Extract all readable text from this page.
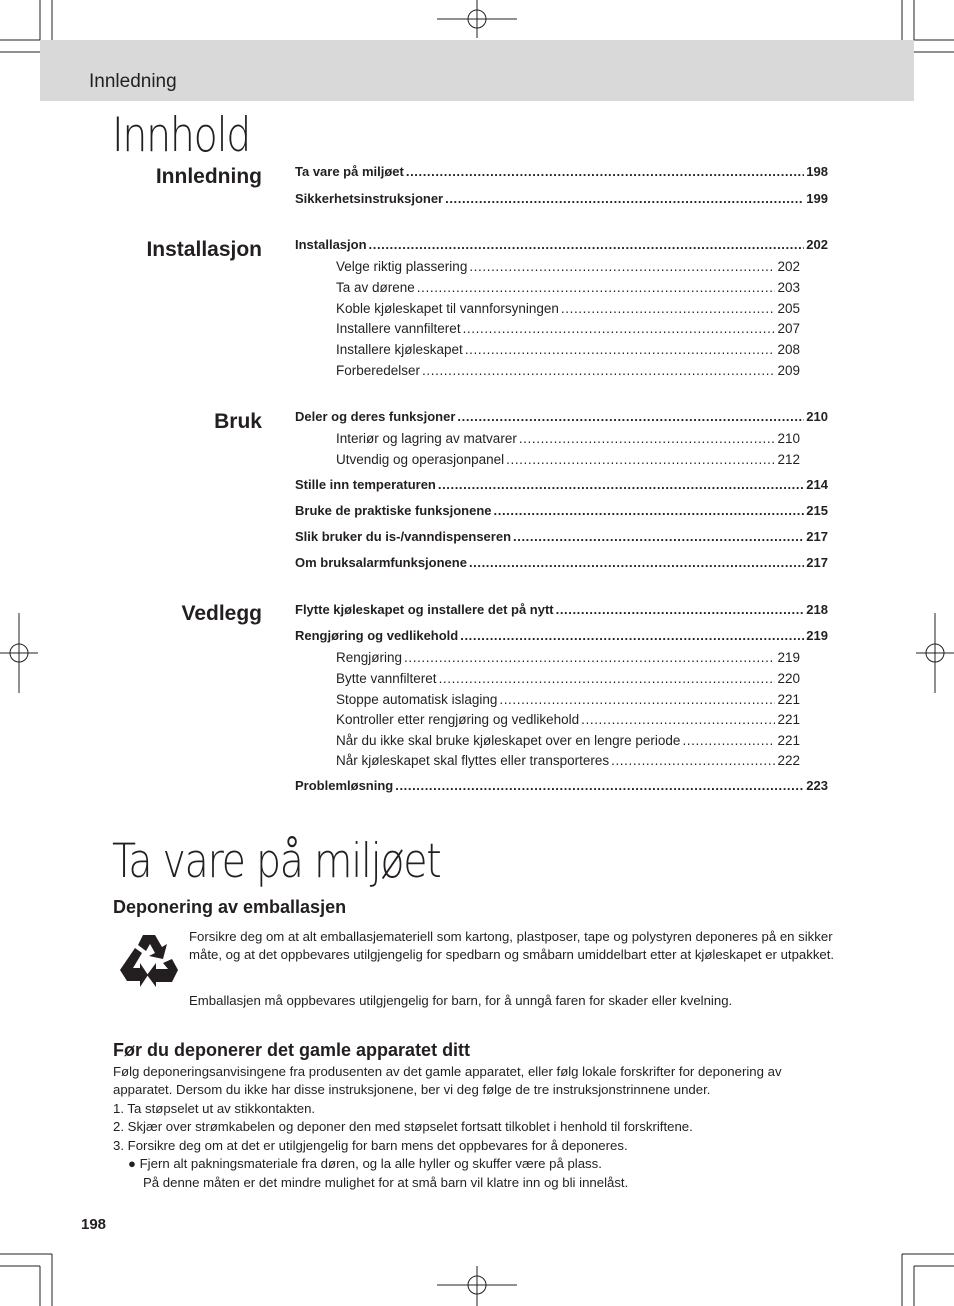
Innledning
Innhold
Innledning	Ta vare på miljøet .....	198
Sikkerhetsinstruksjoner .....	199
Installasjon	Installasjon .....	202
Velge riktig plassering .....	202
Ta av dørene .....	203
Koble kjøleskapet til vannforsyningen .....	205
Installere vannfilteret .....	207
Installere kjøleskapet .....	208
Forberedelser .....	209
Bruk	Deler og deres funksjoner .....	210
Interiør og lagring av matvarer .....	210
Utvendig og operasjonpanel .....	212
Stille inn temperaturen .....	214
Bruke de praktiske funksjonene .....	215
Slik bruker du is-/vanndispenseren .....	217
Om bruksalarmfunksjonene .....	217
Vedlegg	Flytte kjøleskapet og installere det på nytt .....	218
Rengjøring og vedlikehold .....	219
Rengjøring .....	219
Bytte vannfilteret .....	220
Stoppe automatisk islaging .....	221
Kontroller etter rengjøring og vedlikehold .....	221
Når du ikke skal bruke kjøleskapet over en lengre periode .....	221
Når kjøleskapet skal flyttes eller transporteres .....	222
Problemløsning .....	223
Ta vare på miljøet
Deponering av emballasjen
Forsikre deg om at alt emballasjemateriell som kartong, plastposer, tape og polystyren deponeres på en sikker måte, og at det oppbevares utilgjengelig for spedbarn og småbarn umiddelbart etter at kjøleskapet er utpakket.
Emballasjen må oppbevares utilgjengelig for barn, for å unngå faren for skader eller kvelning.
Før du deponerer det gamle apparatet ditt
Følg deponeringsanvisingene fra produsenten av det gamle apparatet, eller følg lokale forskrifter for deponering av apparatet. Dersom du ikke har disse instruksjonene, ber vi deg følge de tre instruksjonstrinnene under.
1. Ta støpselet ut av stikkontakten.
2. Skjær over strømkabelen og deponer den med støpselet fortsatt tilkoblet i henhold til forskriftene.
3. Forsikre deg om at det er utilgjengelig for barn mens det oppbevares for å deponeres.
● Fjern alt pakningsmateriale fra døren, og la alle hyller og skuffer være på plass.
På denne måten er det mindre mulighet for at små barn vil klatre inn og bli innelåst.
198
